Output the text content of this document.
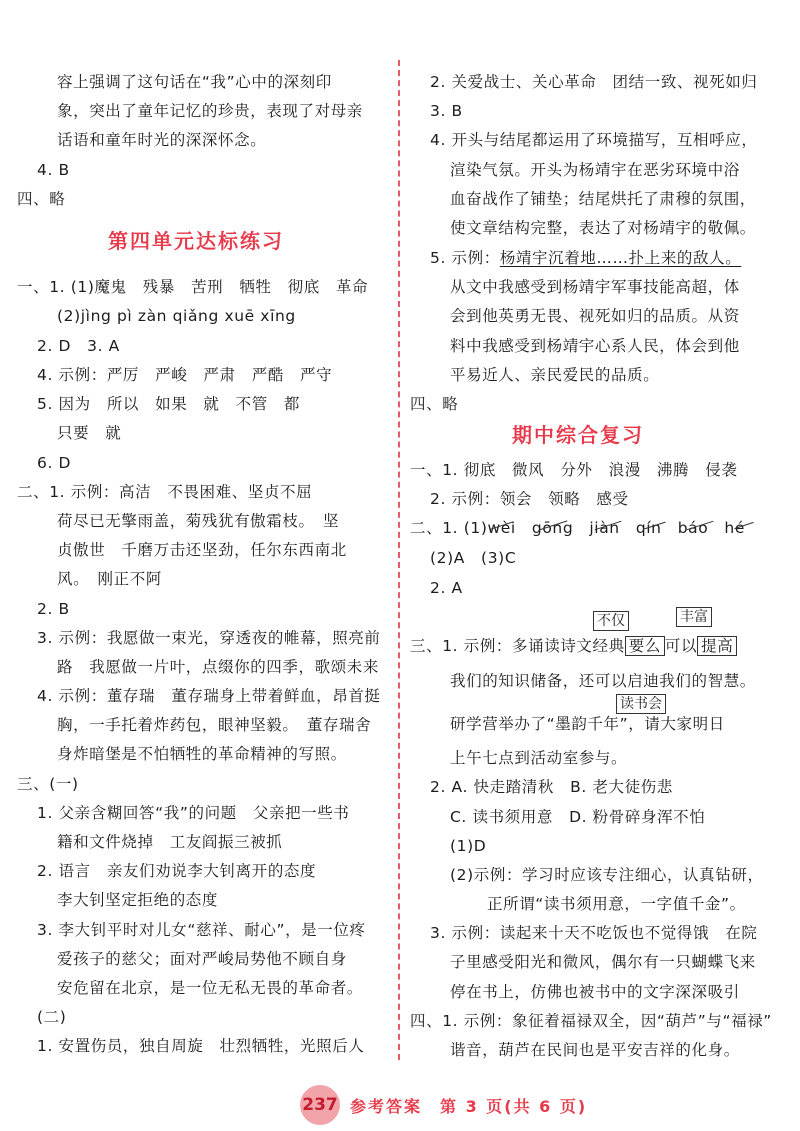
容上强调了这句话在“我”心中的深刻印
象，突出了童年记忆的珍贵，表现了对母亲
话语和童年时光的深深怀念。
4. B
四、略
第四单元达标练习
一、1. (1)魔鬼　残暴　苦刑　牺牲　彻底　革命
(2)jìng pì zàn qiǎng xuē xīng
2. D　3. A
4. 示例：严厉　严峻　严肃　严酷　严守
5. 因为　所以　如果　就　不管　都
只要　就
6. D
二、1. 示例：高洁　不畏困难、坚贞不屈
荷尽已无擎雨盖，菊残犹有傲霜枝。　坚
贞傲世　千磨万击还坚劲，任尔东西南北
风。　刚正不阿
2. B
3. 示例：我愿做一束光，穿透夜的帷幕，照亮前
路　我愿做一片叶，点缀你的四季，歌颂未来
4. 示例：董存瑞　董存瑞身上带着鲜血，昂首挺
胸，一手托着炸药包，眼神坚毅。　董存瑞舍
身炸暗堡是不怕牺牲的革命精神的写照。
三、(一)
1. 父亲含糊回答“我”的问题　父亲把一些书
籍和文件烧掉　工友阎振三被抓
2. 语言　亲友们劝说李大钊离开的态度
李大钊坚定拒绝的态度
3. 李大钊平时对儿女“慈祥、耐心”，是一位疼
爱孩子的慈父；面对严峻局势他不顾自身
安危留在北京，是一位无私无畏的革命者。
(二)
1. 安置伤员，独自周旋　壮烈牺牲，光照后人
2. 关爱战士、关心革命　团结一致、视死如归
3. B
4. 开头与结尾都运用了环境描写，互相呼应，
渲染气氛。开头为杨靖宇在恶劣环境中浴
血奋战作了铺垫；结尾烘托了肃穆的氛围，
使文章结构完整，表达了对杨靖宇的敬佩。
5. 示例：杨靖宇沉着地……扑上来的敌人。
从文中我感受到杨靖宇军事技能高超，体
会到他英勇无畏、视死如归的品质。从资
料中我感受到杨靖宇心系人民，体会到他
平易近人、亲民爱民的品质。
四、略
期中综合复习
一、1. 彻底　微风　分外　浪漫　沸腾　侵袭
2. 示例：领会　领略　感受
二、1. (1)wèi　gōng　jiàn　qín　báo　hé
(2)A　(3)C
2. A
不仅	丰富
三、1. 示例：多诵读诗文经典 要么 可以 提高
我们的知识储备，还可以启迪我们的智慧。
读书会
研学营举办了“墨韵千年”，请大家明日
上午七点到活动室参与。
2. A. 快走踏清秋　B. 老大徒伤悲
C. 读书须用意　D. 粉骨碎身浑不怕
(1)D
(2)示例：学习时应该专注细心，认真钻研，
正所谓“读书须用意，一字值千金”。
3. 示例：读起来十天不吃饭也不觉得饿　在院
子里感受阳光和微风，偶尔有一只蝴蝶飞来
停在书上，仿佛也被书中的文字深深吸引
四、1. 示例：象征着福禄双全，因“葫芦”与“福禄”
谐音，葫芦在民间也是平安吉祥的化身。
237 参考答案　第 3 页(共 6 页)
